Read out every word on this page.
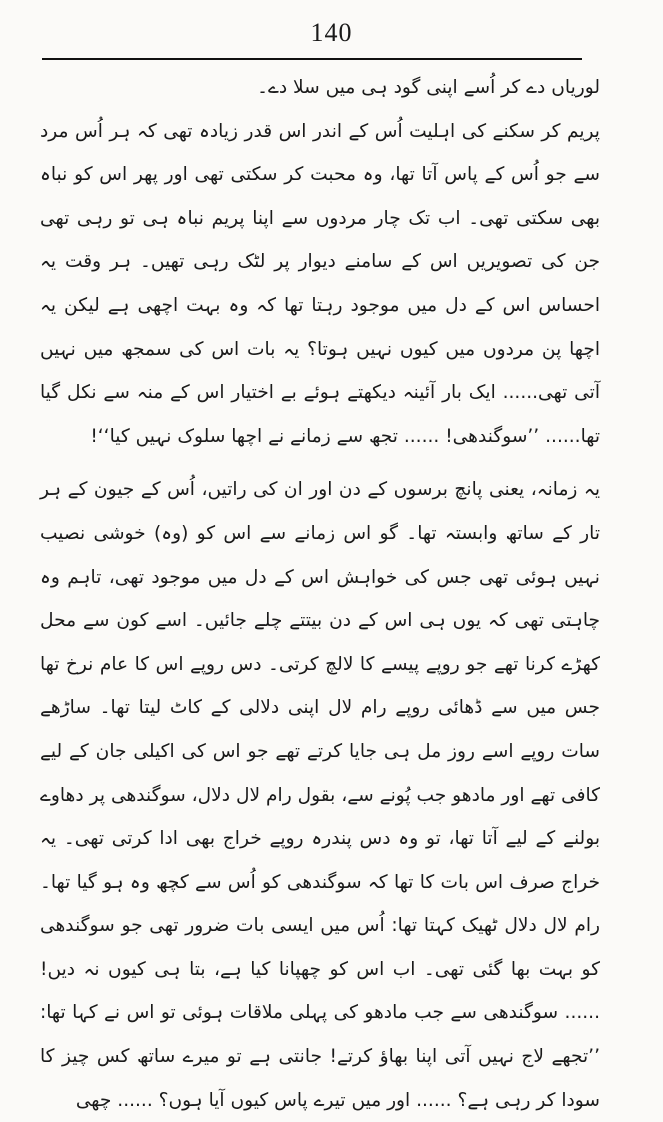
140

لوریاں دے کر اُسے اپنی گود ہی میں سلا دے۔

پریم کر سکنے کی اہلیت اُس کے اندر اس قدر زیادہ تھی کہ ہر اُس مرد سے جو اُس کے پاس آتا تھا، وہ محبت کر سکتی تھی اور پھر اس کو نباہ بھی سکتی تھی۔ اب تک چار مردوں سے اپنا پریم نباہ ہی تو رہی تھی جن کی تصویریں اس کے سامنے دیوار پر لٹک رہی تھیں۔ ہر وقت یہ احساس اس کے دل میں موجود رہتا تھا کہ وہ بہت اچھی ہے لیکن یہ اچھا پن مردوں میں کیوں نہیں ہوتا؟ یہ بات اس کی سمجھ میں نہیں آتی تھی...... ایک بار آئینہ دیکھتے ہوئے بے اختیار اس کے منہ سے نکل گیا تھا...... ’’سوگندھی! ...... تجھ سے زمانے نے اچھا سلوک نہیں کیا‘‘!

یہ زمانہ، یعنی پانچ برسوں کے دن اور ان کی راتیں، اُس کے جیون کے ہر تار کے ساتھ وابستہ تھا۔ گو اس زمانے سے اس کو (وہ) خوشی نصیب نہیں ہوئی تھی جس کی خواہش اس کے دل میں موجود تھی، تاہم وہ چاہتی تھی کہ یوں ہی اس کے دن بیتتے چلے جائیں۔ اسے کون سے محل کھڑے کرنا تھے جو روپے پیسے کا لالچ کرتی۔ دس روپے اس کا عام نرخ تھا جس میں سے ڈھائی روپے رام لال اپنی دلالی کے کاٹ لیتا تھا۔ ساڑھے سات روپے اسے روز مل ہی جایا کرتے تھے جو اس کی اکیلی جان کے لیے کافی تھے اور مادھو جب پُونے سے، بقول رام لال دلال، سوگندھی پر دھاوے بولنے کے لیے آتا تھا، تو وہ دس پندرہ روپے خراج بھی ادا کرتی تھی۔ یہ خراج صرف اس بات کا تھا کہ سوگندھی کو اُس سے کچھ وہ ہو گیا تھا۔ رام لال دلال ٹھیک کہتا تھا: اُس میں ایسی بات ضرور تھی جو سوگندھی کو بہت بھا گئی تھی۔ اب اس کو چھپانا کیا ہے، بتا ہی کیوں نہ دیں! ...... سوگندھی سے جب مادھو کی پہلی ملاقات ہوئی تو اس نے کہا تھا: ’’تجھے لاج نہیں آتی اپنا بھاؤ کرتے! جانتی ہے تو میرے ساتھ کس چیز کا سودا کر رہی ہے؟ ...... اور میں تیرے پاس کیوں آیا ہوں؟ ...... چھی
